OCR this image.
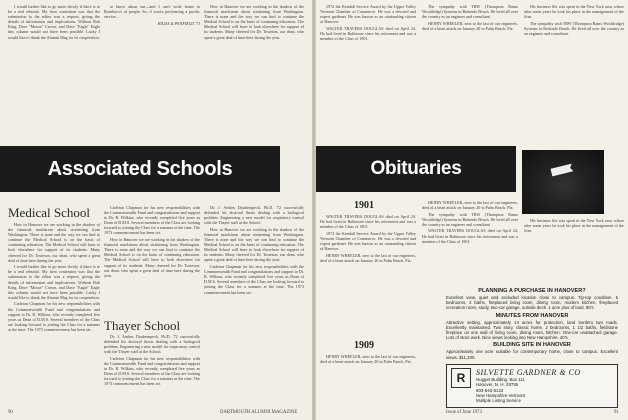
I would further like to go more slowly if there is to be a real rebuttal. My firm contention was that the submission to the editor was a request, giving the details of information and implications. Without Bob King, Dave "Mouse" Crown, and Dave "Eagle" Eagle this column would not have been possible. Lucky I would like to thank the Alumni Mag for its cooperation.

to know about me—and I can't write home to Roseboro's of people. So, if you're performing a pacific service...

HILDA & PENFIELD '73

How in Hanover we are working in the shadow of the financial maelstrom about straitening from Washington. There is none and the way we can find to continue the Medical School is on the basis of continuing education. The Medical School will have to look elsewhere for support of its students. Many cheered for Dr. Tosteson, our dean, who spent a great deal of time here during the year.

Associated Schools
Medical School

How in Hanover we are working in the shadow of the financial maelstrom about straitening from Washington. There is none and the way we can find to continue the Medical School is on the basis of continuing education. The Medical School will have to look elsewhere for support of its students. Many cheered for Dr. Tosteson, our dean, who spent a great deal of time here during the year.

I would further like to go more slowly if there is to be a real rebuttal. My firm contention was that the submission to the editor was a request, giving the details of information and implications. Without Bob King, Dave "Mouse" Crown, and Dave "Eagle" Eagle this column would not have been possible. Lucky I would like to thank the Alumni Mag for its cooperation.

Carleton Chapman for his new responsibilities with the Commonwealth Fund and congratulations and support to Dr. R. Wilkins, who recently completed five years as Dean of D.M.S. Several members of the Class are looking forward to joining the Class for a summer at the time. The 1973 commencement has been set.

Carleton Chapman for his new responsibilities with the Commonwealth Fund and congratulations and support to Dr. R. Wilkins, who recently completed five years as Dean of D.M.S. Several members of the Class are looking forward to joining the Class for a summer at the time. The 1973 commencement has been set.

How in Hanover we are working in the shadow of the financial maelstrom about straitening from Washington. There is none and the way we can find to continue the Medical School is on the basis of continuing education. The Medical School will have to look elsewhere for support of its students. Many cheered for Dr. Tosteson, our dean, who spent a great deal of time here during the year.

Thayer School

Dr. J. Ambes Daubenspeck, Ph.D. '72 successfully defended his doctoral thesis dealing with a biological problem. Engineering a new model for respiratory control with the Thayer staff at the School.

Carleton Chapman for his new responsibilities with the Commonwealth Fund and congratulations and support to Dr. R. Wilkins, who recently completed five years as Dean of D.M.S. Several members of the Class are looking forward to joining the Class for a summer at the time. The 1973 commencement has been set.

Dr. J. Ambes Daubenspeck, Ph.D. '72 successfully defended his doctoral thesis dealing with a biological problem. Engineering a new model for respiratory control with the Thayer staff at the School.

How in Hanover we are working in the shadow of the financial maelstrom about straitening from Washington. There is none and the way we can find to continue the Medical School is on the basis of continuing education. The Medical School will have to look elsewhere for support of its students. Many cheered for Dr. Tosteson, our dean, who spent a great deal of time here during the year.

Carleton Chapman for his new responsibilities with the Commonwealth Fund and congratulations and support to Dr. R. Wilkins, who recently completed five years as Dean of D.M.S. Several members of the Class are looking forward to joining the Class for a summer at the time. The 1973 commencement has been set.

90	DARTMOUTH ALUMNI MAGAZINE

1972 the Kendall Service Award by the Upper Valley Vermont Chamber of Commerce. He was a devoted and expert gardener. He was known as an outstanding citizen of Hanover.

WALTER TRAVERS DOUGLAS died on April 24. He had lived in Baltimore since his retirement and was a member of the Class of 1901.

The sympathy with TRW (Thompson Ramo Wooldridge) Systems in Redondo Beach. He lived all over the country as an engineer and consultant.

HENRY WHEELER, next to the last of our engineers, died of a heart attack on January 20 in Palm Beach, Fla.

His business life was spent in the New York area, where after some years he took his place in the management of the firm.

The sympathy with TRW (Thompson Ramo Wooldridge) Systems in Redondo Beach. He lived all over the country as an engineer and consultant.

Obituaries
1901

WALTER TRAVERS DOUGLAS died on April 24. He had lived in Baltimore since his retirement and was a member of the Class of 1901.

1972 the Kendall Service Award by the Upper Valley Vermont Chamber of Commerce. He was a devoted and expert gardener. He was known as an outstanding citizen of Hanover.

HENRY WHEELER, next to the last of our engineers, died of a heart attack on January 20 in Palm Beach, Fla.

1909

HENRY WHEELER, next to the last of our engineers, died of a heart attack on January 20 in Palm Beach, Fla.

HENRY WHEELER, next to the last of our engineers, died of a heart attack on January 20 in Palm Beach, Fla.

The sympathy with TRW (Thompson Ramo Wooldridge) Systems in Redondo Beach. He lived all over the country as an engineer and consultant.

WALTER TRAVERS DOUGLAS died on April 24. He had lived in Baltimore since his retirement and was a member of the Class of 1901.

His business life was spent in the New York area, where after some years he took his place in the management of the firm.

Issue of June 1973	91
PLANNING A PURCHASE IN HANOVER?
Excellent view, quiet and secluded location close to campus. Tip-top condition. 5 bedrooms, 2 baths, fireplaced living room, dining room, modern kitchen, fireplaced recreation room, study, two-car garage, outside deck. 1 acre plus of land. 80's
MINUTES FROM HANOVER
Attractive setting, approximately 14 acres for protection, land borders two roads. Excellently maintained. Two story, classic home, 2 bedrooms, 1 1/2 baths, fieldstone fireplace on one wall of living room, dining room, kitchen. One-car unattached garage. Lots of store work. Nice views looking into New Hampshire. 40's
BUILDING SITE IN HANOVER
Approximately one acre suitable for contemporary home, close to campus. Excellent views. $11,200.
R	SILVETTE GARDNER & CO
Nugget Building, Box 111
Hanover, N. H. 03755
603-643-5122
New Hampshire-Vermont
Multiple Listing Service
